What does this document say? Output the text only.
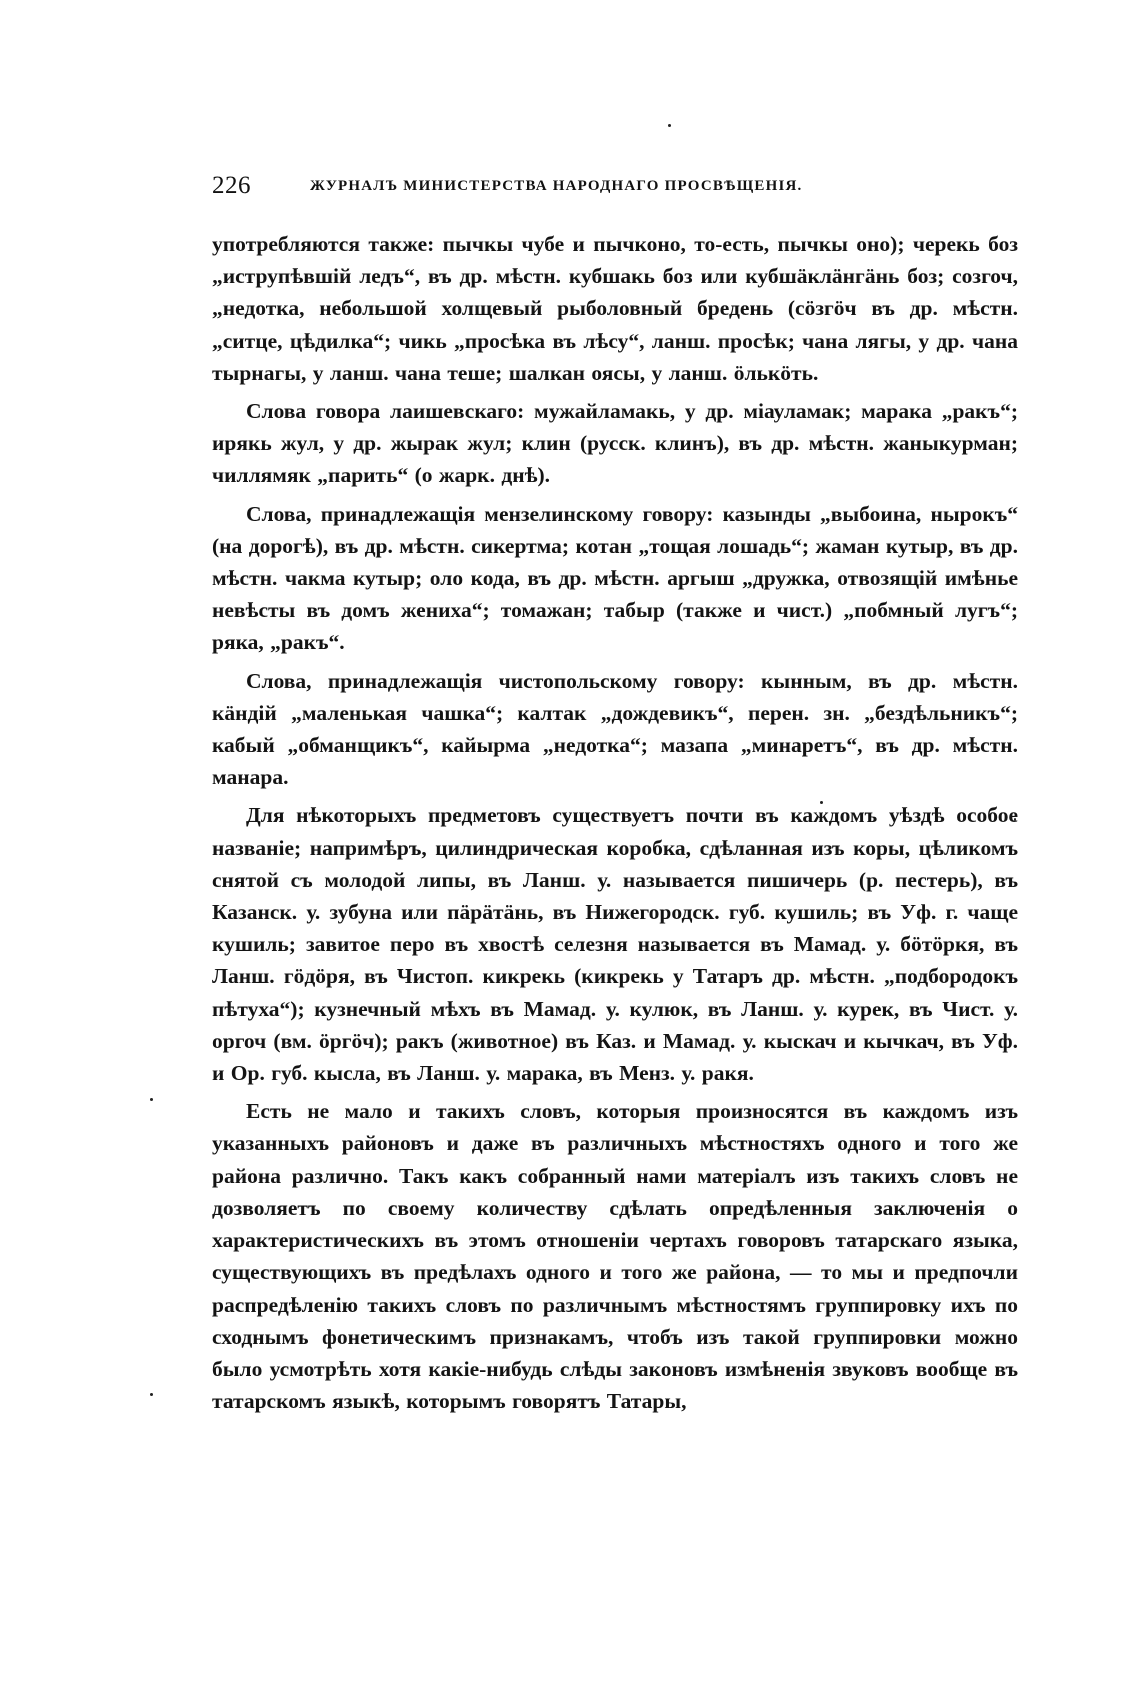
226	ЖУРНАЛЪ МИНИСТЕРСТВА НАРОДНАГО ПРОСВѢЩЕНІЯ.

употребляются также: пычкы чубе и пычконо, то-есть, пычкы оно); черекь боз „иструпѣвшій ледъ“, въ др. мѣстн. кубшакь боз или кубшäклäнгäнь боз; созгоч, „недотка, небольшой холщевый рыболовный бредень (сöзгöч въ др. мѣстн. „ситце, цѣдилка“; чикь „просѣка въ лѣсу“, ланш. просѣк; чана лягы, у др. чана тырнагы, у ланш. чана теше; шалкан оясы, у ланш. öлькöть.

Слова говора лаишевскаго: мужайламакь, у др. міауламак; марака „ракъ“; ирякь жул, у др. жырак жул; клин (русск. клинъ), въ др. мѣстн. жаныкурман; чиллямяк „парить“ (о жарк. днѣ).

Слова, принадлежащія мензелинскому говору: казынды „выбоина, нырокъ“ (на дорогѣ), въ др. мѣстн. сикертма; котан „тощая лошадь“; жаман кутыр, въ др. мѣстн. чакма кутыр; оло кода, въ др. мѣстн. аргыш „дружка, отвозящій имѣнье невѣсты въ домъ жениха“; томажан; табыр (также и чист.) „побмный лугъ“; ряка, „ракъ“.

Слова, принадлежащія чистопольскому говору: кынным, въ др. мѣстн. кäндій „маленькая чашка“; калтак „дождевикъ“, перен. зн. „бездѣльникъ“; кабый „обманщикъ“, кайырма „недотка“; мазапа „минаретъ“, въ др. мѣстн. манара.

Для нѣкоторыхъ предметовъ существуетъ почти въ каждомъ уѣздѣ особое названіе; напримѣръ, цилиндрическая коробка, сдѣланная изъ коры, цѣликомъ снятой съ молодой липы, въ Ланш. у. называется пишичерь (р. пестерь), въ Казанск. у. зубуна или пäрäтäнь, въ Нижегородск. губ. кушиль; въ Уф. г. чаще кушиль; завитое перо въ хвостѣ селезня называется въ Мамад. у. бöтöркя, въ Ланш. гöдöря, въ Чистоп. кикрекь (кикрекь у Татаръ др. мѣстн. „подбородокъ пѣтуха“); кузнечный мѣхъ въ Мамад. у. кулюк, въ Ланш. у. курек, въ Чист. у. оргоч (вм. öргöч); ракъ (животное) въ Каз. и Мамад. у. кыскач и кычкач, въ Уф. и Ор. губ. кысла, въ Ланш. у. марака, въ Менз. у. ракя.

Есть не мало и такихъ словъ, которыя произносятся въ каждомъ изъ указанныхъ районовъ и даже въ различныхъ мѣстностяхъ одного и того же района различно. Такъ какъ собранный нами матеріалъ изъ такихъ словъ не дозволяетъ по своему количеству сдѣлать опредѣленныя заключенія о характеристическихъ въ этомъ отношеніи чертахъ говоровъ татарскаго языка, существующихъ въ предѣлахъ одного и того же района, — то мы и предпочли распредѣленію такихъ словъ по различнымъ мѣстностямъ группировку ихъ по сходнымъ фонетическимъ признакамъ, чтобъ изъ такой группировки можно было усмотрѣть хотя какіе-нибудь слѣды законовъ измѣненія звуковъ вообще въ татарскомъ языкѣ, которымъ говорятъ Татары,
